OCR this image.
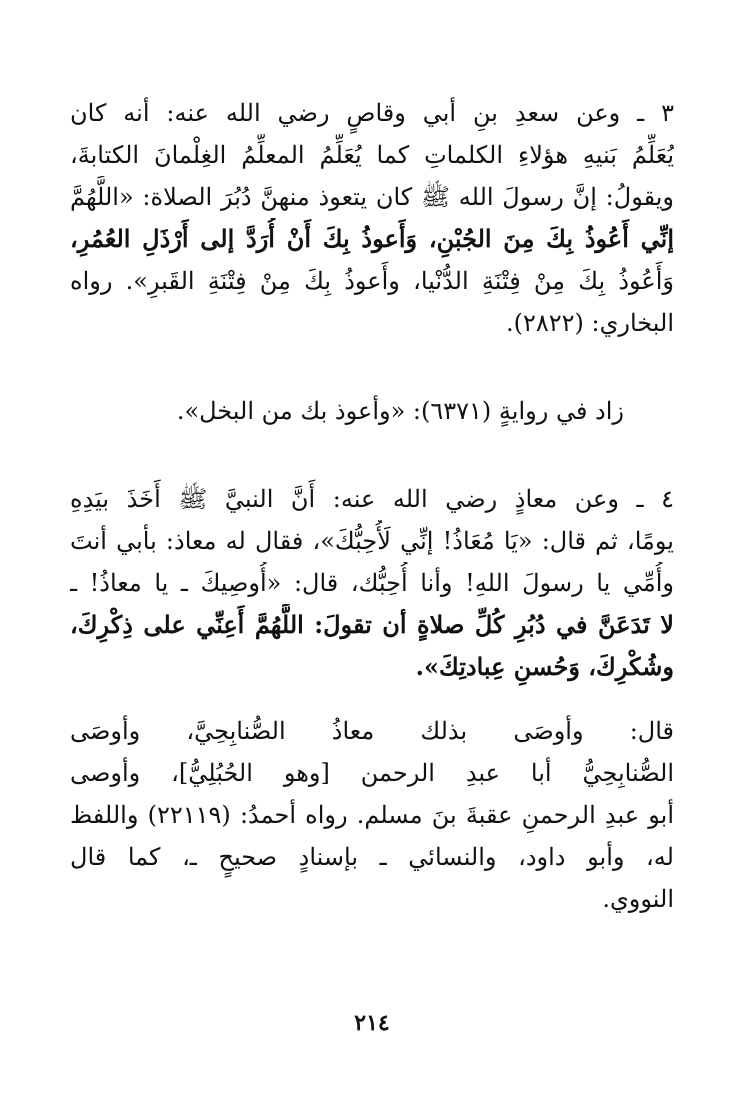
٣ ـ وعن سعدِ بنِ أبي وقاصٍ رضي الله عنه: أنه كان
يُعَلِّمُ بَنيهِ هؤلاءِ الكلماتِ كما يُعَلِّمُ المعلِّمُ الغِلْمانَ الكتابةَ،
ويقولُ: إنَّ رسولَ الله ﷺ كان يتعوذ منهنَّ دُبُرَ الصلاة: «اللَّهُمَّ
إنِّي أَعُوذُ بِكَ مِنَ الجُبْنِ، وَأَعوذُ بِكَ أَنْ أُرَدَّ إلى أَرْذَلِ العُمُرِ،
وَأَعُوذُ بِكَ مِنْ فِتْنَةِ الدُّنْيا، وأَعوذُ بِكَ مِنْ فِتْنَةِ القَبرِ». رواه
البخاري: (٢٨٢٢).

زاد في روايةٍ (٦٣٧١): «وأعوذ بك من البخل».

٤ ـ وعن معاذٍ رضي الله عنه: أَنَّ النبيَّ ﷺ أَخَذَ بيَدِهِ
يومًا، ثم قال: «يَا مُعَاذُ! إنِّي لَأُحِبُّكَ»، فقال له معاذ: بأبي أنتَ
وأُمِّي يا رسولَ اللهِ! وأنا أُحِبُّك، قال: «أُوصِيكَ ـ يا معاذُ! ـ
لا تَدَعَنَّ في دُبُرِ كُلِّ صلاةٍ أن تقولَ: اللَّهُمَّ أَعِنِّي على ذِكْرِكَ،
وشُكْرِكَ، وَحُسنِ عِبادتِكَ».

قال: وأوصَى بذلك معاذُ الصُّنابِحِيَّ، وأوصَى
الصُّنابِحِيُّ أبا عبدِ الرحمن [وهو الحُبُلِيُّ]، وأوصى
أبو عبدِ الرحمنِ عقبةَ بنَ مسلم. رواه أحمدُ: (٢٢١١٩) واللفظ
له، وأبو داود، والنسائي ـ بإسنادٍ صحيحٍ ـ، كما قال
النووي.

٢١٤
